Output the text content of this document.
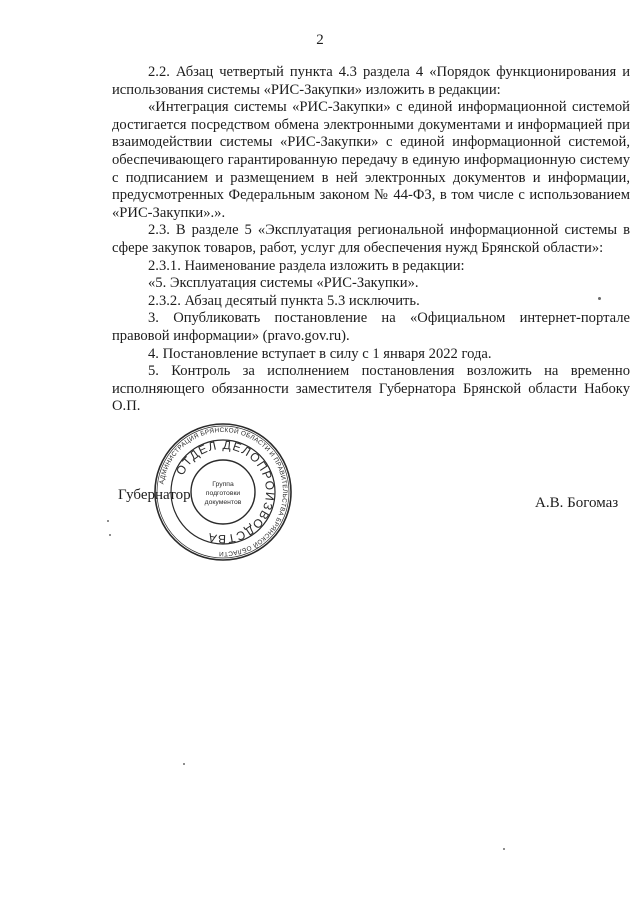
2

2.2. Абзац четвертый пункта 4.3 раздела 4 «Порядок функционирования и использования системы «РИС-Закупки» изложить в редакции:

«Интеграция системы «РИС-Закупки» с единой информационной системой достигается посредством обмена электронными документами и информацией при взаимодействии системы «РИС-Закупки» с единой информационной системой, обеспечивающего гарантированную передачу в единую информационную систему с подписанием и размещением в ней электронных документов и информации, предусмотренных Федеральным законом № 44-ФЗ, в том числе с использованием «РИС-Закупки».».

2.3. В разделе 5 «Эксплуатация региональной информационной системы в сфере закупок товаров, работ, услуг для обеспечения нужд Брянской области»:

2.3.1. Наименование раздела изложить в редакции:

«5. Эксплуатация системы «РИС-Закупки».

2.3.2. Абзац десятый пункта 5.3 исключить.

3. Опубликовать постановление на «Официальном интернет-портале правовой информации» (pravo.gov.ru).

4. Постановление вступает в силу с 1 января 2022 года.

5. Контроль за исполнением постановления возложить на временно исполняющего обязанности заместителя Губернатора Брянской области Набоку О.П.

Губернатор	А.В. Богомаз
АДМИНИСТРАЦИЯ БРЯНСКОЙ ОБЛАСТИ И ПРАВИТЕЛЬСТВА БРЯНСКОЙ ОБЛАСТИ
ОТДЕЛ ДЕЛОПРОИЗВОДСТВА
Группа
подготовки
документов
